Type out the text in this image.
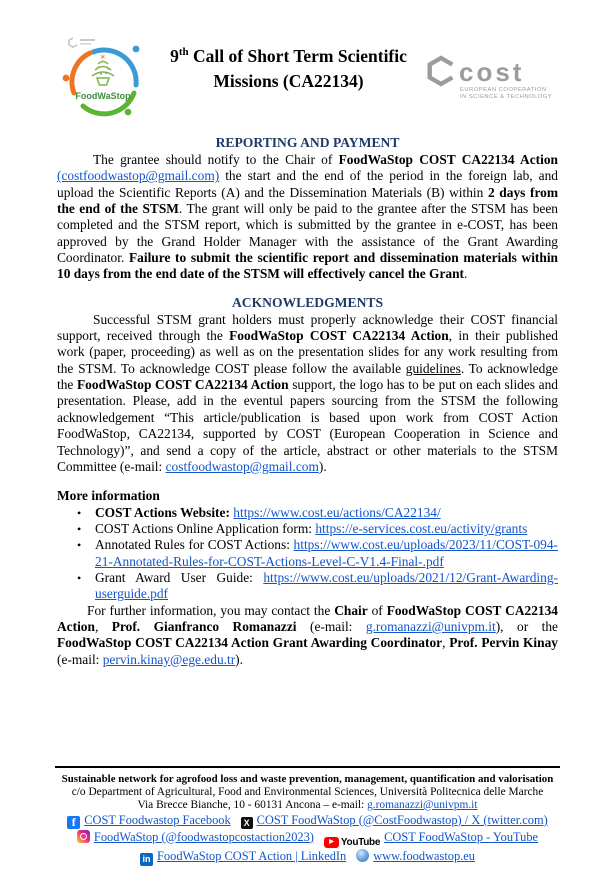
✶
FoodWaStop
9th Call of Short Term Scientific Missions (CA22134)	cost
EUROPEAN COOPERATION
IN SCIENCE & TECHNOLOGY
REPORTING AND PAYMENT

The grantee should notify to the Chair of FoodWaStop COST CA22134 Action (costfoodwastop@gmail.com) the start and the end of the period in the foreign lab, and upload the Scientific Reports (A) and the Dissemination Materials (B) within 2 days from the end of the STSM. The grant will only be paid to the grantee after the STSM has been completed and the STSM report, which is submitted by the grantee in e-COST, has been approved by the Grand Holder Manager with the assistance of the Grant Awarding Coordinator. Failure to submit the scientific report and dissemination materials within 10 days from the end date of the STSM will effectively cancel the Grant.

ACKNOWLEDGMENTS

Successful STSM grant holders must properly acknowledge their COST financial support, received through the FoodWaStop COST CA22134 Action, in their published work (paper, proceeding) as well as on the presentation slides for any work resulting from the STSM. To acknowledge COST please follow the available guidelines. To acknowledge the FoodWaStop COST CA22134 Action support, the logo has to be put on each slides and presentation. Please, add in the eventul papers sourcing from the STSM the following acknowledgement “This article/publication is based upon work from COST Action FoodWaStop, CA22134, supported by COST (European Cooperation in Science and Technology)”, and send a copy of the article, abstract or other materials to the STSM Committee (e-mail: costfoodwastop@gmail.com).

More information
• COST Actions Website: https://www.cost.eu/actions/CA22134/
• COST Actions Online Application form: https://e-services.cost.eu/activity/grants
• Annotated Rules for COST Actions: https://www.cost.eu/uploads/2023/11/COST-094-21-Annotated-Rules-for-COST-Actions-Level-C-V1.4-Final-.pdf
• Grant Award User Guide: https://www.cost.eu/uploads/2021/12/Grant-Awarding-userguide.pdf

For further information, you may contact the Chair of FoodWaStop COST CA22134 Action, Prof. Gianfranco Romanazzi (e-mail: g.romanazzi@univpm.it), or the FoodWaStop COST CA22134 Action Grant Awarding Coordinator, Prof. Pervin Kinay (e-mail: pervin.kinay@ege.edu.tr).

Sustainable network for agrofood loss and waste prevention, management, quantification and valorisation
c/o Department of Agricultural, Food and Environmental Sciences, Università Politecnica delle Marche
Via Brecce Bianche, 10 - 60131 Ancona – e-mail: g.romanazzi@univpm.it
fCOST Foodwastop Facebook X COST FoodWaStop (@CostFoodwastop) / X (twitter.com)
FoodWaStop (@foodwastopcostaction2023)	▶ YouTube COST FoodWaStop - YouTube
inFoodWaStop COST Action | LinkedIn www.foodwastop.eu
